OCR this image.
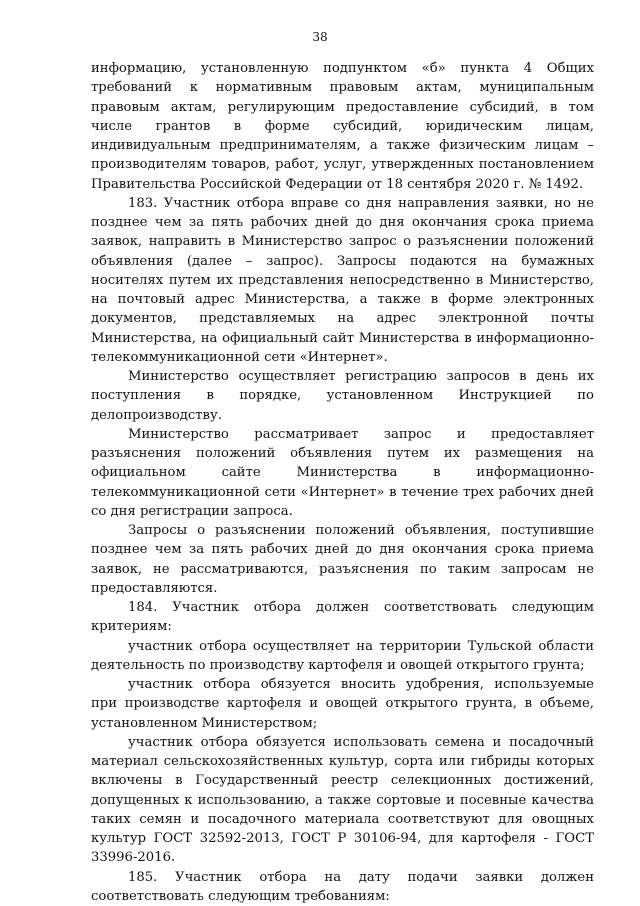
38

информацию, установленную подпунктом «б» пункта 4 Общих требований к нормативным правовым актам, муниципальным правовым актам, регулирующим предоставление субсидий, в том числе грантов в форме субсидий, юридическим лицам, индивидуальным предпринимателям, а также физическим лицам – производителям товаров, работ, услуг, утвержденных постановлением Правительства Российской Федерации от 18 сентября 2020 г. № 1492.

183. Участник отбора вправе со дня направления заявки, но не позднее чем за пять рабочих дней до дня окончания срока приема заявок, направить в Министерство запрос о разъяснении положений объявления (далее – запрос). Запросы подаются на бумажных носителях путем их представления непосредственно в Министерство, на почтовый адрес Министерства, а также в форме электронных документов, представляемых на адрес электронной почты Министерства, на официальный сайт Министерства в информационно-телекоммуникационной сети «Интернет».

Министерство осуществляет регистрацию запросов в день их поступления в порядке, установленном Инструкцией по делопроизводству.

Министерство рассматривает запрос и предоставляет разъяснения положений объявления путем их размещения на официальном сайте Министерства в информационно-телекоммуникационной сети «Интернет» в течение трех рабочих дней со дня регистрации запроса.

Запросы о разъяснении положений объявления, поступившие позднее чем за пять рабочих дней до дня окончания срока приема заявок, не рассматриваются, разъяснения по таким запросам не предоставляются.

184. Участник отбора должен соответствовать следующим критериям:

участник отбора осуществляет на территории Тульской области деятельность по производству картофеля и овощей открытого грунта;

участник отбора обязуется вносить удобрения, используемые при производстве картофеля и овощей открытого грунта, в объеме, установленном Министерством;

участник отбора обязуется использовать семена и посадочный материал сельскохозяйственных культур, сорта или гибриды которых включены в Государственный реестр селекционных достижений, допущенных к использованию, а также сортовые и посевные качества таких семян и посадочного материала соответствуют для овощных культур ГОСТ 32592-2013, ГОСТ Р 30106-94, для картофеля - ГОСТ 33996-2016.

185. Участник отбора на дату подачи заявки должен соответствовать следующим требованиям:
